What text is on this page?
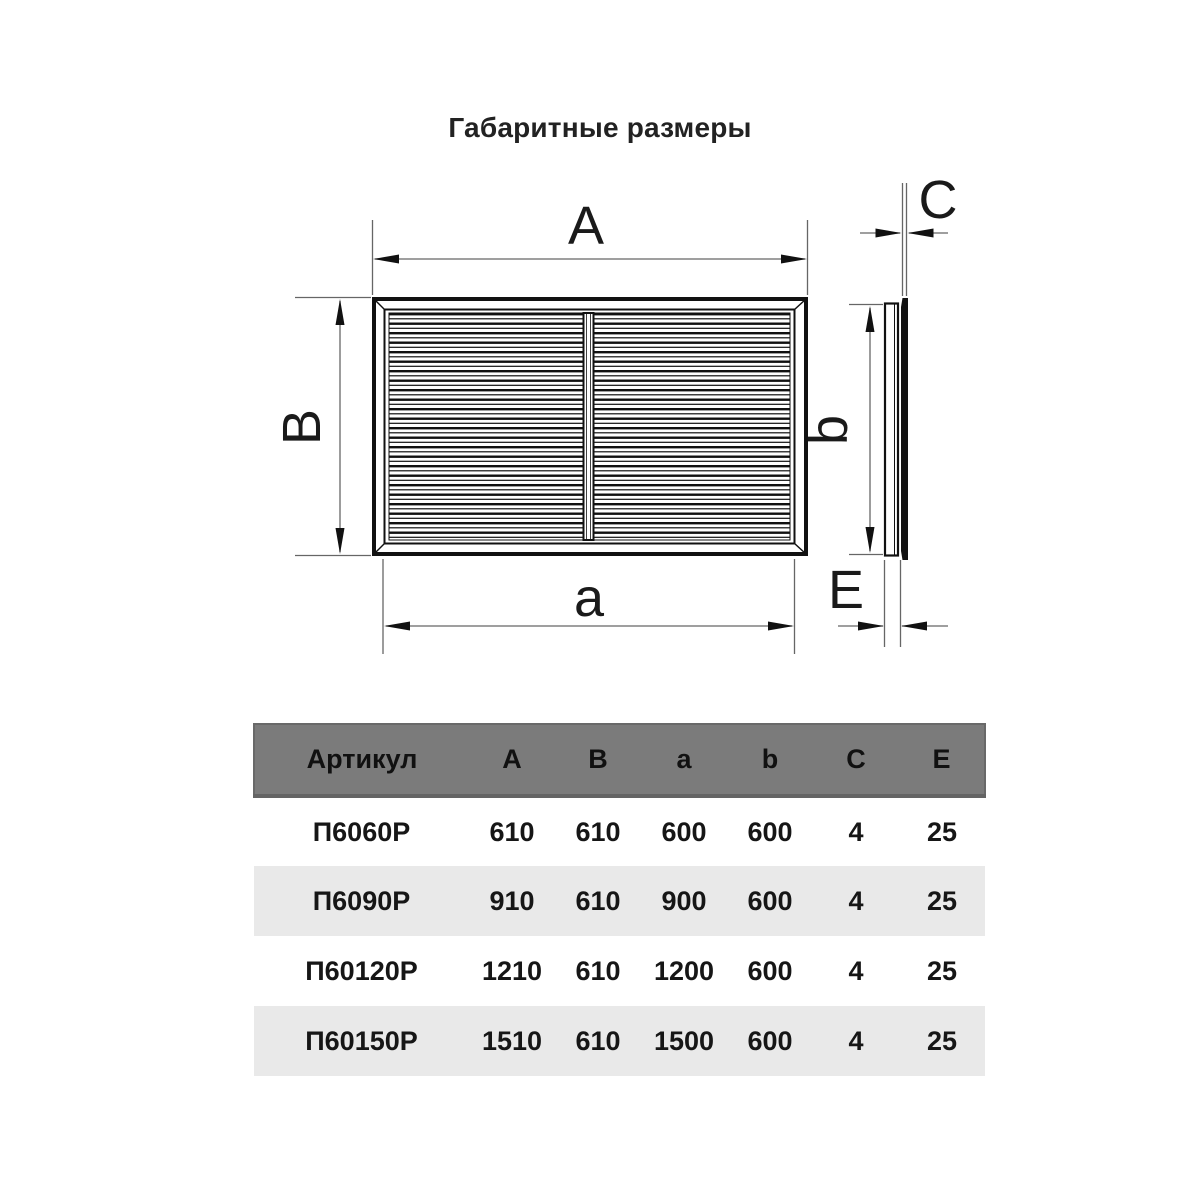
Габаритные размеры
A
B
a
C
b
E
Артикул	А	В	a	b	С	Е
П6060Р	610	610	600	600	4	25
П6090Р	910	610	900	600	4	25
П60120Р	1210	610	1200	600	4	25
П60150Р	1510	610	1500	600	4	25
